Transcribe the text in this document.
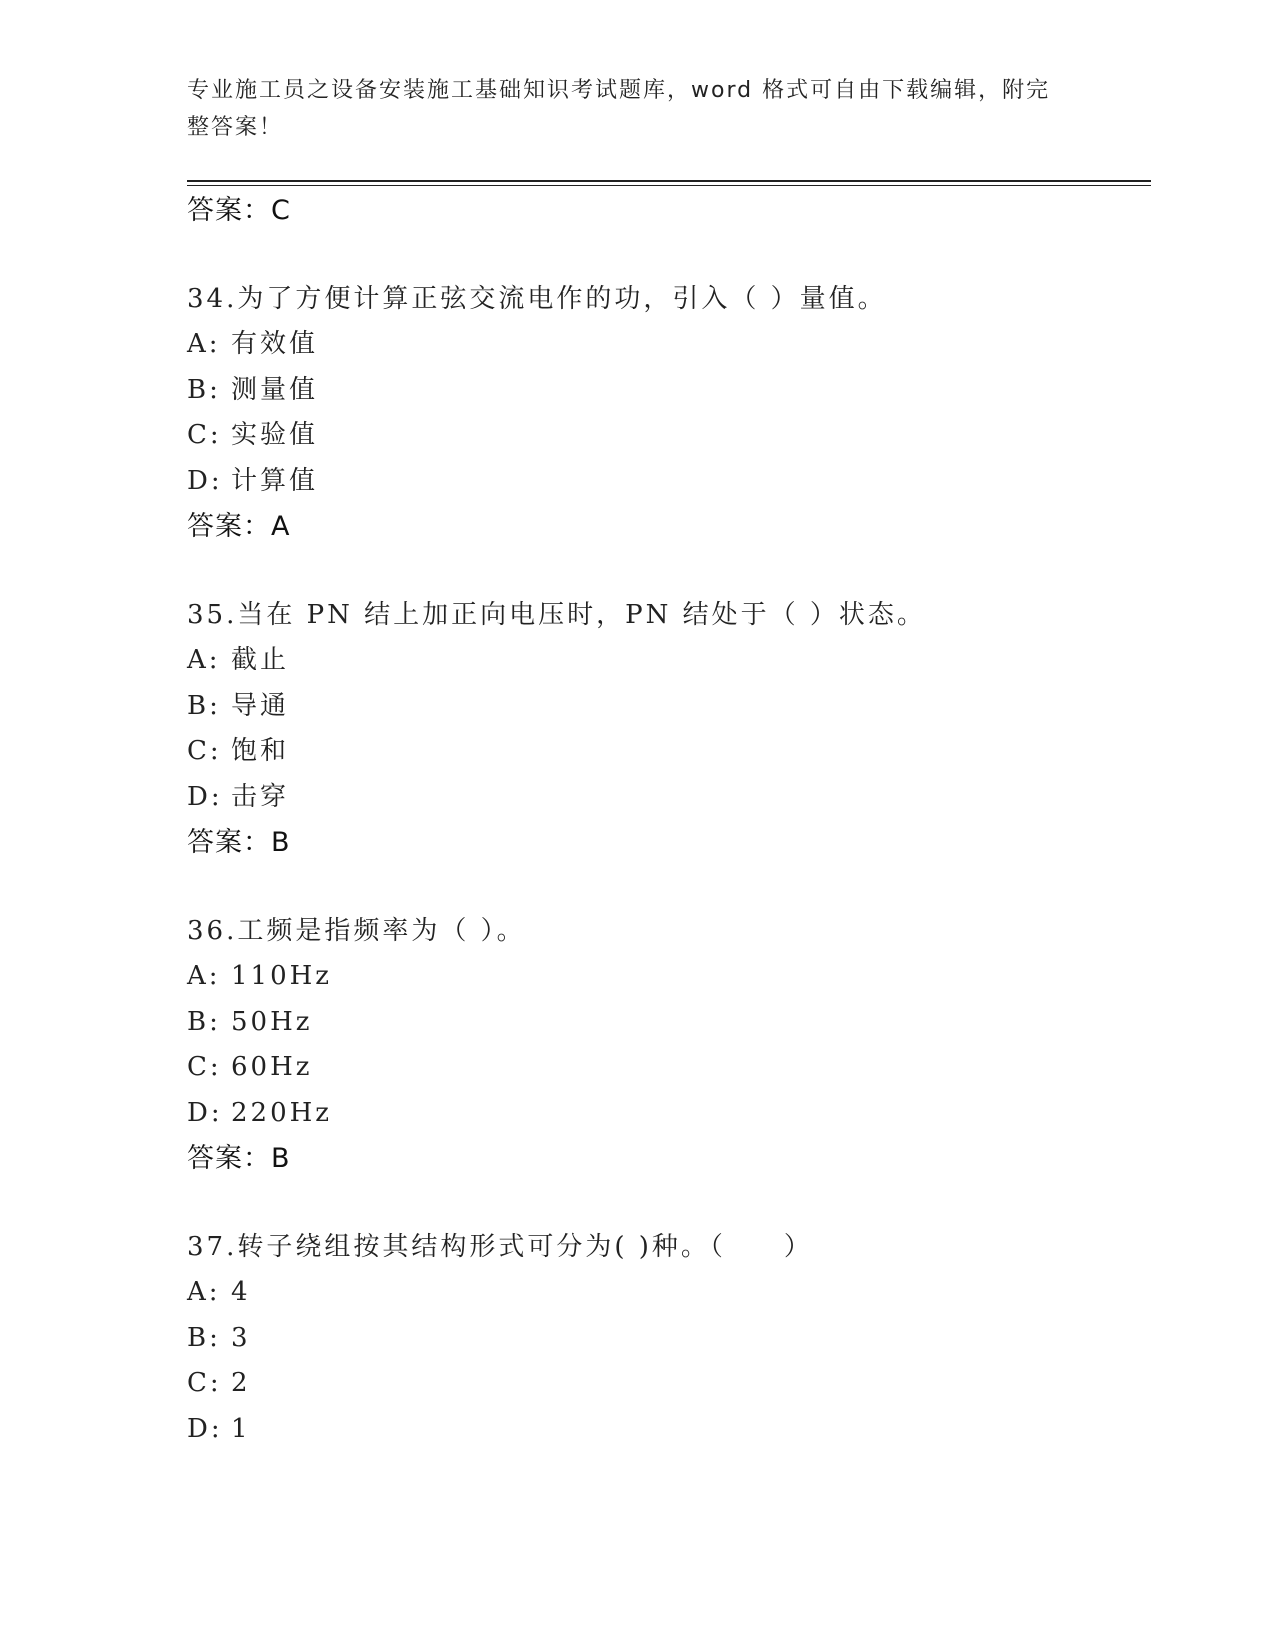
专业施工员之设备安装施工基础知识考试题库，word 格式可自由下载编辑，附完
整答案！
答案：C
34.为了方便计算正弦交流电作的功，引入（ ）量值。
A: 有效值
B: 测量值
C: 实验值
D: 计算值
答案：A
35.当在 PN 结上加正向电压时，PN 结处于（ ）状态。
A: 截止
B: 导通
C: 饱和
D: 击穿
答案：B
36.工频是指频率为（ ）。
A: 110Hz
B: 50Hz
C: 60Hz
D: 220Hz
答案：B
37.转子绕组按其结构形式可分为( )种。（　　）
A: 4
B: 3
C: 2
D: 1
